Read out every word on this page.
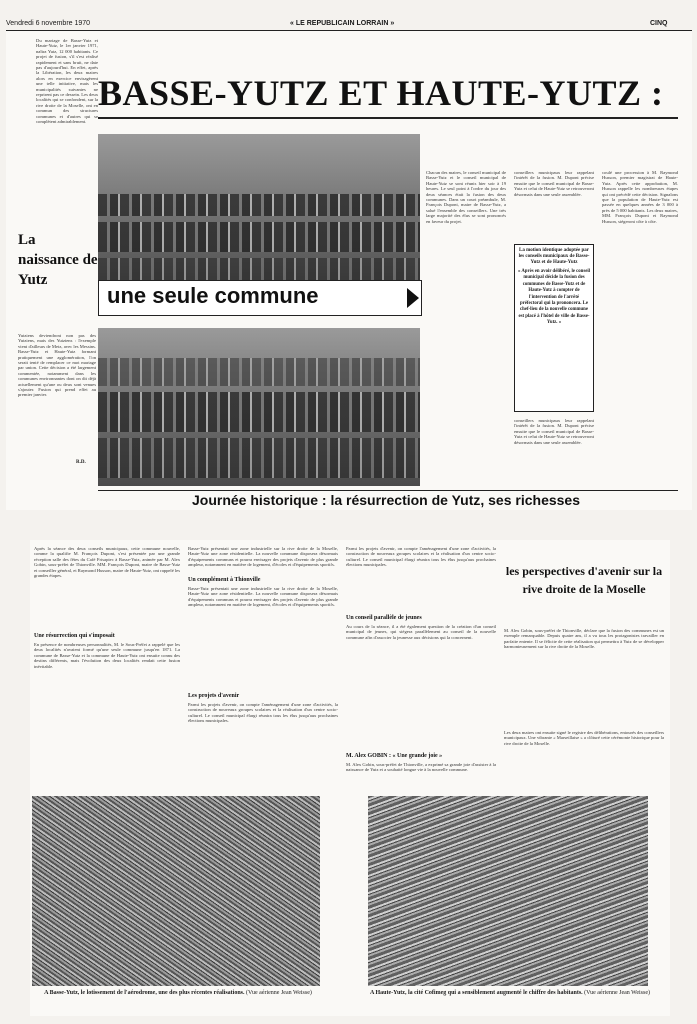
Vendredi 6 novembre 1970	« LE REPUBLICAIN LORRAIN »	CINQ
Du mariage de Basse-Yutz et Haute-Yutz, le 1er janvier 1971, naîtra Yutz, 12 000 habitants. Ce projet de fusion, s'il s'est réalisé rapidement et sans bruit, ne date pas d'aujourd'hui. En effet, après la Libération, les deux maires alors en exercice envisagèrent une telle initiative, mais les municipalités suivantes ne reprirent pas ce dessein. Les deux localités qui se confondent, sur la rive droite de la Moselle, ont en commun des structures communes et d'autres qui se complètent admirablement.
BASSE-YUTZ ET HAUTE-YUTZ :
La naissance de Yutz
Yutziens deviendront non pas des Yutziens, mais des Yutziens : l'exemple vient d'ailleurs de Metz, avec les Messins. Basse-Yutz et Haute-Yutz formant pratiquement une agglomération, l'on serait tenté de remplacer ce mot mariage par union. Cette décision a été largement commentée, notamment dans les communes environnantes dont on dit déjà actuellement qu'une ou deux sont venues s'ajouter. Fusion qui prend effet au premier janvier.
R.D.
une seule commune
Chacun des maires, le conseil municipal de Basse-Yutz et le conseil municipal de Haute-Yutz se sont réunis hier soir à 19 heures. Le seul point à l'ordre du jour des deux séances était la fusion des deux communes. Dans un court préambule, M. François Dupont, maire de Basse-Yutz, a salué l'ensemble des conseillers. Une très large majorité des élus se sont prononcés en faveur du projet.
conseillers municipaux leur rappelant l'intérêt de la fusion. M. Dupont précise ensuite que le conseil municipal de Basse-Yutz et celui de Haute-Yutz se retrouveront désormais dans une seule assemblée.
La motion identique adoptée par les conseils municipaux de Basse-Yutz et de Haute-Yutz
« Après en avoir délibéré, le conseil municipal décide la fusion des communes de Basse-Yutz et de Haute-Yutz à compter de l'intervention de l'arrêté préfectoral qui la prononcera. Le chef-lieu de la nouvelle commune est placé à l'hôtel de ville de Basse-Yutz. »
conseillers municipaux leur rappelant l'intérêt de la fusion. M. Dupont précise ensuite que le conseil municipal de Basse-Yutz et celui de Haute-Yutz se retrouveront désormais dans une seule assemblée.
coulé une procession à M. Raymond Husson, premier magistrat de Haute-Yutz. Après cette approbation, M. Husson rappelle les nombreuses étapes qui ont précédé cette décision. Signalons que la population de Haute-Yutz est passée en quelques années de 3 000 à près de 5 000 habitants. Les deux maires, MM. François Dupont et Raymond Husson, siégeront côte à côte.
Journée historique : la résurrection de Yutz, ses richesses
Après la séance des deux conseils municipaux, cette commune nouvelle, comme la qualifie M. François Dupont, s'est présentée par une grande réception salle des fêtes du Café Frisapiec à Basse-Yutz, animée par M. Alex Gobin, sous-préfet de Thionville. MM. François Dupont, maire de Basse-Yutz et conseiller général, et Raymond Husson, maire de Haute-Yutz, ont rappelé les grandes étapes.
Une résurrection qui s'imposait
En présence de nombreuses personnalités, M. le Sous-Préfet a rappelé que les deux localités n'avaient formé qu'une seule commune jusqu'en 1871. La commune de Basse-Yutz et la commune de Haute-Yutz ont ensuite connu des destins différents, mais l'évolution des deux localités rendait cette fusion inévitable.
Basse-Yutz présentait une zone industrielle sur la rive droite de la Moselle, Haute-Yutz une zone résidentielle. La nouvelle commune disposera désormais d'équipements communs et pourra envisager des projets d'avenir de plus grande ampleur, notamment en matière de logement, d'écoles et d'équipements sportifs.
Un complément à Thionville
Basse-Yutz présentait une zone industrielle sur la rive droite de la Moselle, Haute-Yutz une zone résidentielle. La nouvelle commune disposera désormais d'équipements communs et pourra envisager des projets d'avenir de plus grande ampleur, notamment en matière de logement, d'écoles et d'équipements sportifs.
Les projets d'avenir
Parmi les projets d'avenir, on compte l'aménagement d'une zone d'activités, la construction de nouveaux groupes scolaires et la réalisation d'un centre socio-culturel. Le conseil municipal élargi réunira tous les élus jusqu'aux prochaines élections municipales.
Parmi les projets d'avenir, on compte l'aménagement d'une zone d'activités, la construction de nouveaux groupes scolaires et la réalisation d'un centre socio-culturel. Le conseil municipal élargi réunira tous les élus jusqu'aux prochaines élections municipales.
Un conseil parallèle de jeunes
Au cours de la séance, il a été également question de la création d'un conseil municipal de jeunes, qui siégera parallèlement au conseil de la nouvelle commune afin d'associer la jeunesse aux décisions qui la concernent.
M. Alex GOBIN : « Une grande joie »
M. Alex Gobin, sous-préfet de Thionville, a exprimé sa grande joie d'assister à la naissance de Yutz et a souhaité longue vie à la nouvelle commune.
les perspectives d'avenir sur la rive droite de la Moselle
M. Alex Gobin, sous-préfet de Thionville, déclare que la fusion des communes est un exemple remarquable. Depuis quatre ans, il a vu tous les protagonistes travailler en parfaite entente. Il se félicite de cette réalisation qui permettra à Yutz de se développer harmonieusement sur la rive droite de la Moselle.
Les deux maires ont ensuite signé le registre des délibérations, entourés des conseillers municipaux. Une vibrante « Marseillaise » a clôturé cette cérémonie historique pour la rive droite de la Moselle.
A Basse-Yutz, le lotissement de l'aérodrome, une des plus récentes réalisations. (Vue aérienne Jean Weisse)	A Haute-Yutz, la cité Cofimeg qui a sensiblement augmenté le chiffre des habitants. (Vue aérienne Jean Weisse)
